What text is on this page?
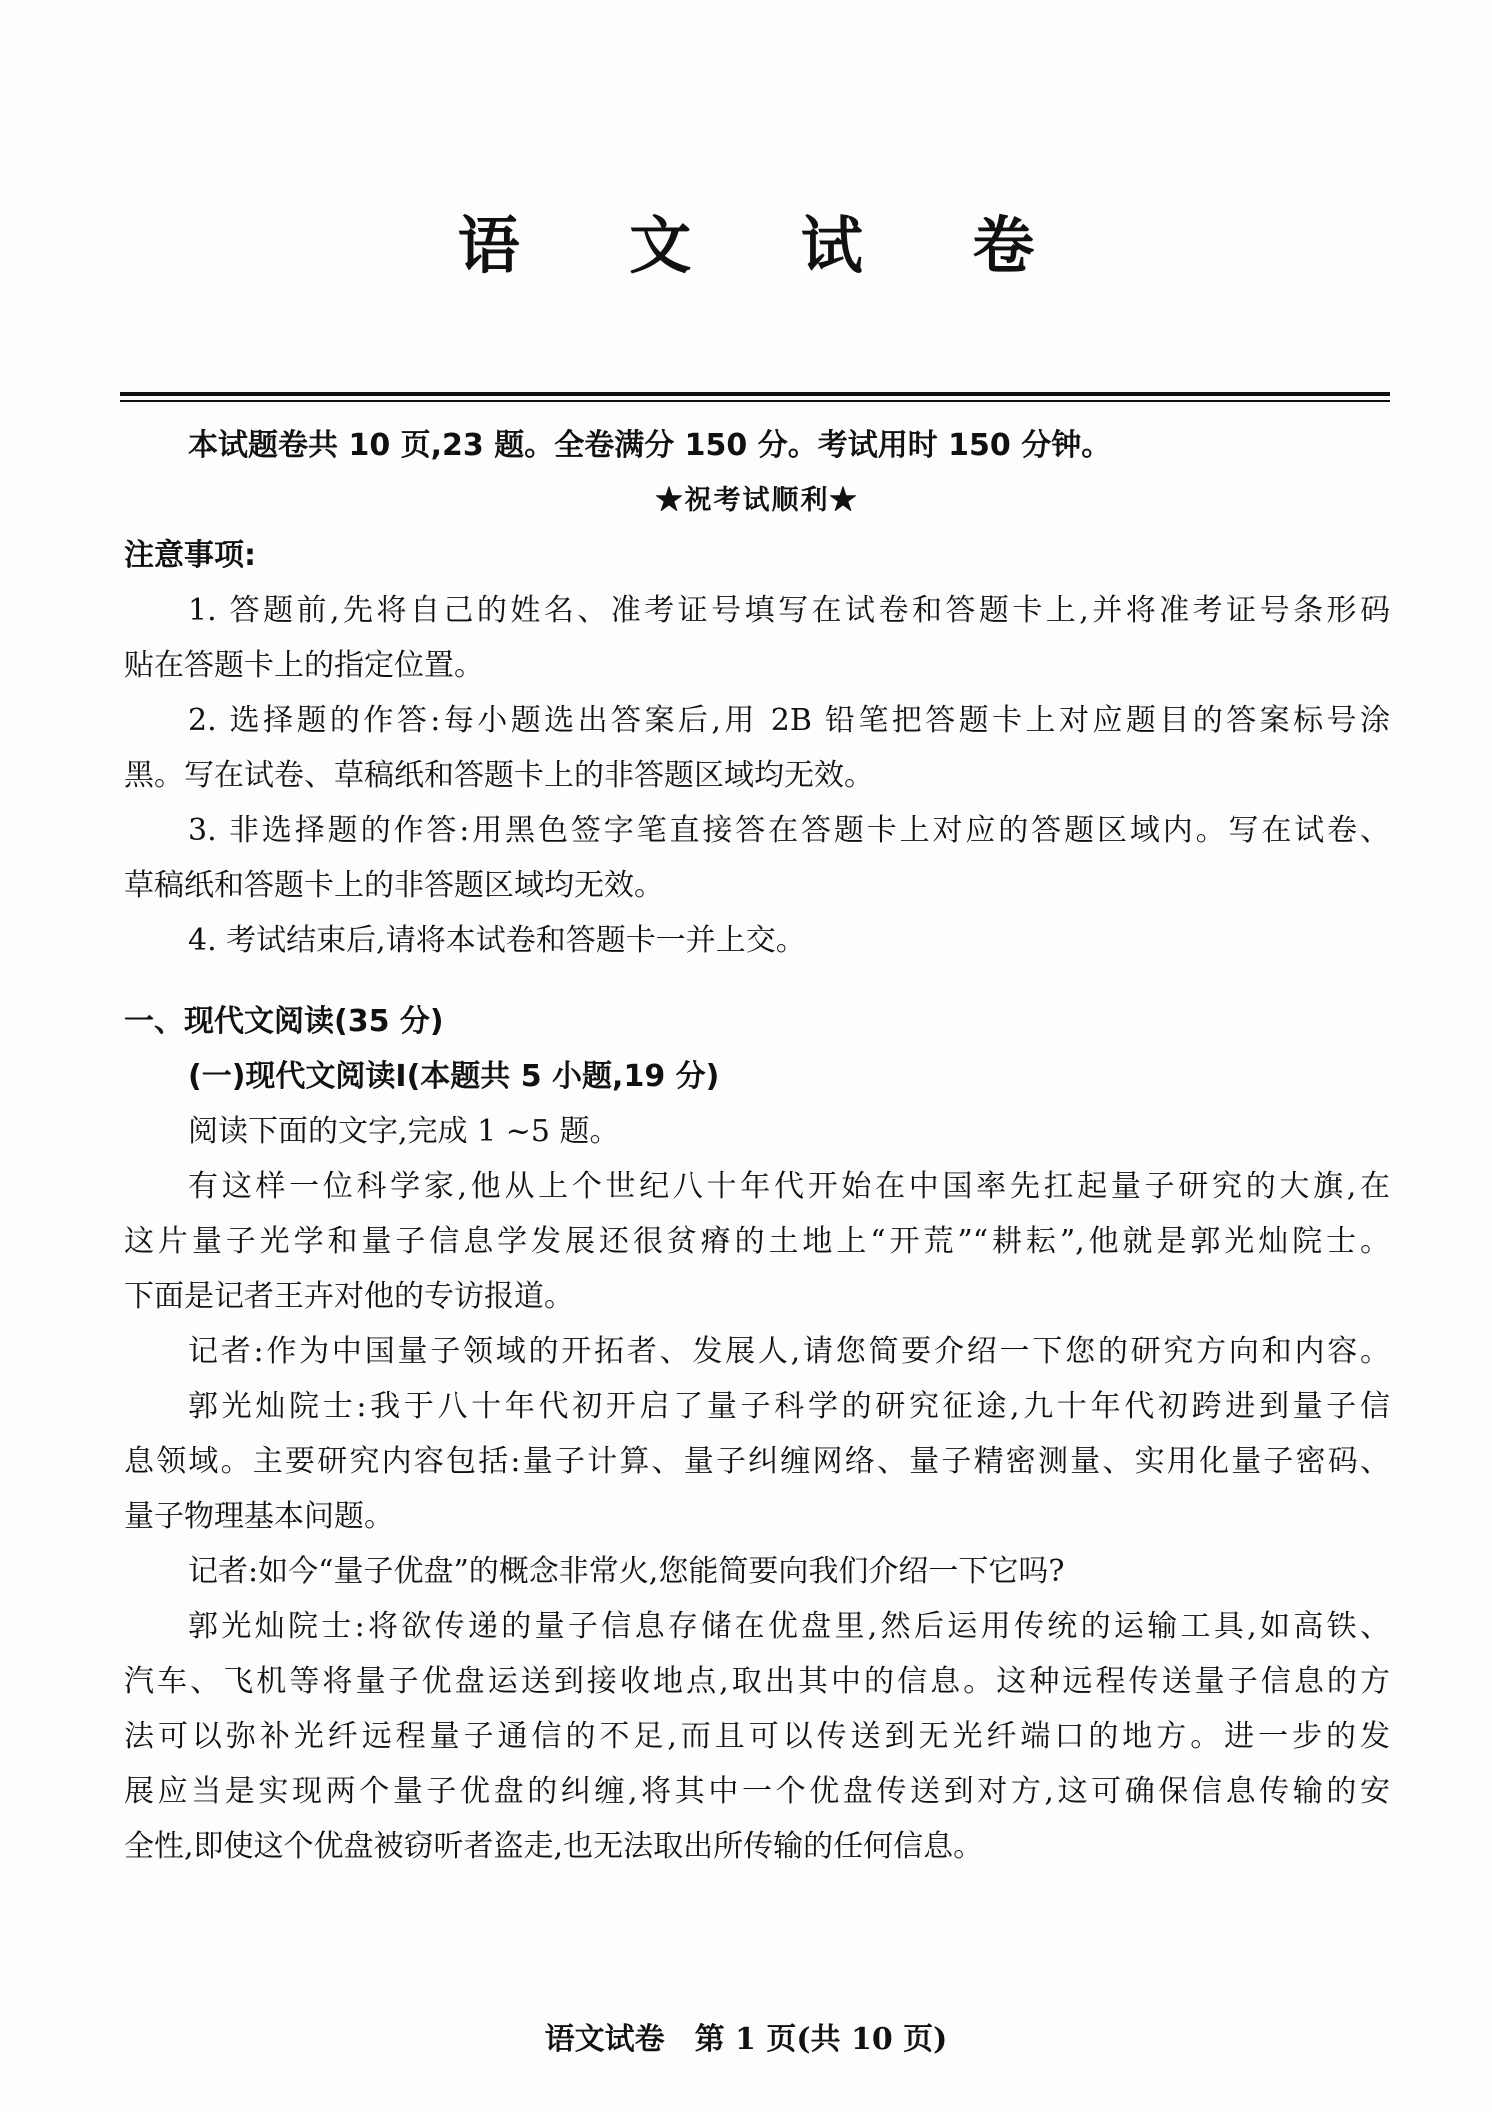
语 文 试 卷
本试题卷共 10 页,23 题。全卷满分 150 分。考试用时 150 分钟。
★祝考试顺利★
注意事项:
1. 答题前,先将自己的姓名、准考证号填写在试卷和答题卡上,并将准考证号条形码
贴在答题卡上的指定位置。
2. 选择题的作答:每小题选出答案后,用 2B 铅笔把答题卡上对应题目的答案标号涂
黑。写在试卷、草稿纸和答题卡上的非答题区域均无效。
3. 非选择题的作答:用黑色签字笔直接答在答题卡上对应的答题区域内。写在试卷、
草稿纸和答题卡上的非答题区域均无效。
4. 考试结束后,请将本试卷和答题卡一并上交。
一、现代文阅读(35 分)
(一)现代文阅读Ⅰ(本题共 5 小题,19 分)
阅读下面的文字,完成 1 ~5 题。
有这样一位科学家,他从上个世纪八十年代开始在中国率先扛起量子研究的大旗,在
这片量子光学和量子信息学发展还很贫瘠的土地上“开荒”“耕耘”,他就是郭光灿院士。
下面是记者王卉对他的专访报道。
记者:作为中国量子领域的开拓者、发展人,请您简要介绍一下您的研究方向和内容。
郭光灿院士:我于八十年代初开启了量子科学的研究征途,九十年代初跨进到量子信
息领域。主要研究内容包括:量子计算、量子纠缠网络、量子精密测量、实用化量子密码、
量子物理基本问题。
记者:如今“量子优盘”的概念非常火,您能简要向我们介绍一下它吗?
郭光灿院士:将欲传递的量子信息存储在优盘里,然后运用传统的运输工具,如高铁、
汽车、飞机等将量子优盘运送到接收地点,取出其中的信息。这种远程传送量子信息的方
法可以弥补光纤远程量子通信的不足,而且可以传送到无光纤端口的地方。进一步的发
展应当是实现两个量子优盘的纠缠,将其中一个优盘传送到对方,这可确保信息传输的安
全性,即使这个优盘被窃听者盗走,也无法取出所传输的任何信息。
语文试卷　第 1 页(共 10 页)
